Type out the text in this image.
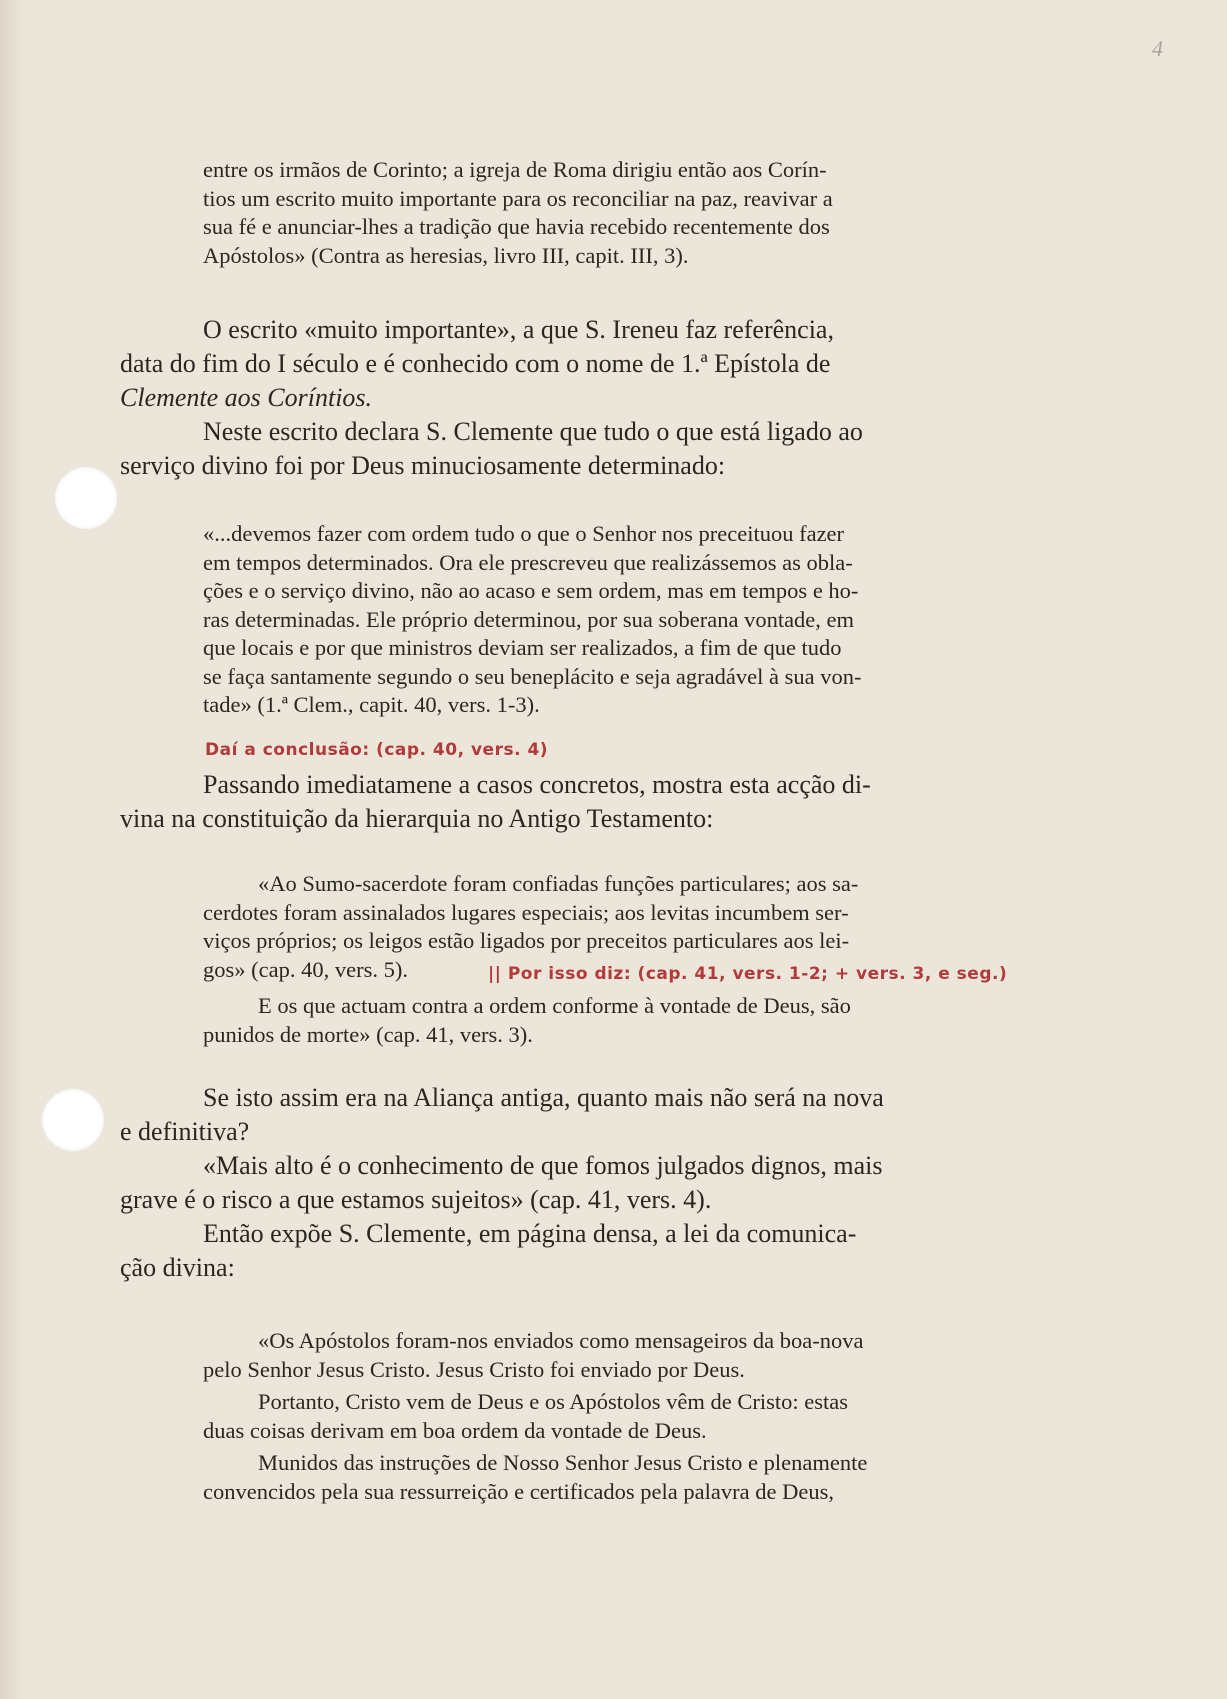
4

entre os irmãos de Corinto; a igreja de Roma dirigiu então aos Corín-

tios um escrito muito importante para os reconciliar na paz, reavivar a

sua fé e anunciar-lhes a tradição que havia recebido recentemente dos

Apóstolos» (Contra as heresias, livro III, capit. III, 3).

O escrito «muito importante», a que S. Ireneu faz referência,

data do fim do I século e é conhecido com o nome de 1.ª Epístola de

Clemente aos Coríntios.

Neste escrito declara S. Clemente que tudo o que está ligado ao

serviço divino foi por Deus minuciosamente determinado:

«...devemos fazer com ordem tudo o que o Senhor nos preceituou fazer

em tempos determinados. Ora ele prescreveu que realizássemos as obla-

ções e o serviço divino, não ao acaso e sem ordem, mas em tempos e ho-

ras determinadas. Ele próprio determinou, por sua soberana vontade, em

que locais e por que ministros deviam ser realizados, a fim de que tudo

se faça santamente segundo o seu beneplácito e seja agradável à sua von-

tade» (1.ª Clem., capit. 40, vers. 1-3).

Daí a conclusão: (cap. 40, vers. 4)

Passando imediatamene a casos concretos, mostra esta acção di-

vina na constituição da hierarquia no Antigo Testamento:

«Ao Sumo-sacerdote foram confiadas funções particulares; aos sa-

cerdotes foram assinalados lugares especiais; aos levitas incumbem ser-

viços próprios; os leigos estão ligados por preceitos particulares aos lei-

gos» (cap. 40, vers. 5).	|| Por isso diz: (cap. 41, vers. 1-2; + vers. 3, e seg.)

E os que actuam contra a ordem conforme à vontade de Deus, são

punidos de morte» (cap. 41, vers. 3).

Se isto assim era na Aliança antiga, quanto mais não será na nova

e definitiva?

«Mais alto é o conhecimento de que fomos julgados dignos, mais

grave é o risco a que estamos sujeitos» (cap. 41, vers. 4).

Então expõe S. Clemente, em página densa, a lei da comunica-

ção divina:

«Os Apóstolos foram-nos enviados como mensageiros da boa-nova

pelo Senhor Jesus Cristo. Jesus Cristo foi enviado por Deus.

Portanto, Cristo vem de Deus e os Apóstolos vêm de Cristo: estas

duas coisas derivam em boa ordem da vontade de Deus.

Munidos das instruções de Nosso Senhor Jesus Cristo e plenamente

convencidos pela sua ressurreição e certificados pela palavra de Deus,
